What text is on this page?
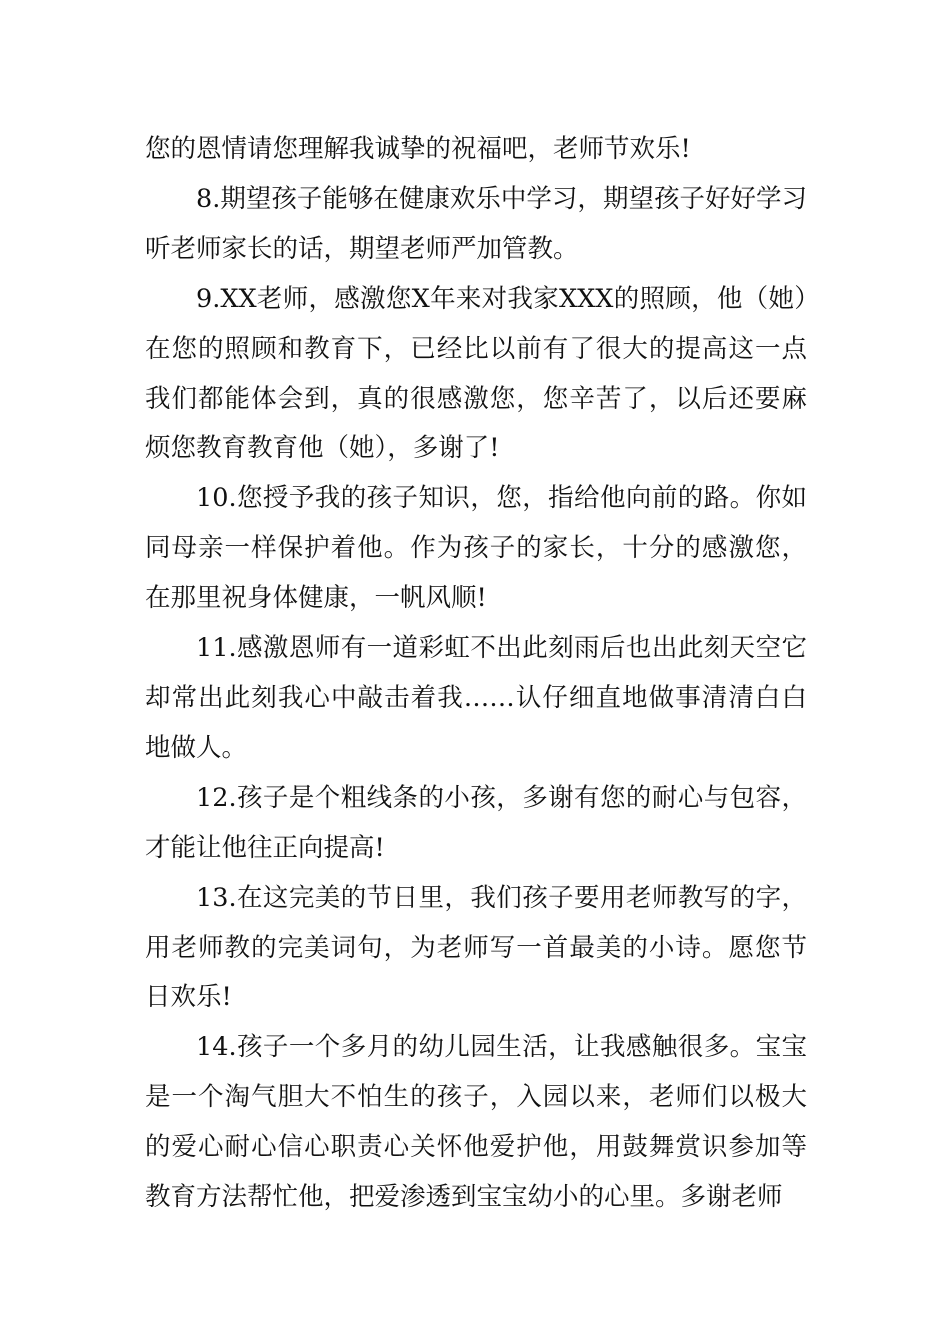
您的恩情请您理解我诚挚的祝福吧，老师节欢乐!

8.期望孩子能够在健康欢乐中学习，期望孩子好好学习听老师家长的话，期望老师严加管教。

9.XX老师，感激您X年来对我家XXX的照顾，他（她）在您的照顾和教育下，已经比以前有了很大的提高这一点我们都能体会到，真的很感激您，您辛苦了，以后还要麻烦您教育教育他（她），多谢了!

10.您授予我的孩子知识，您，指给他向前的路。你如同母亲一样保护着他。作为孩子的家长，十分的感激您，在那里祝身体健康，一帆风顺!

11.感激恩师有一道彩虹不出此刻雨后也出此刻天空它却常出此刻我心中敲击着我……认仔细直地做事清清白白地做人。

12.孩子是个粗线条的小孩，多谢有您的耐心与包容，才能让他往正向提高!

13.在这完美的节日里，我们孩子要用老师教写的字，用老师教的完美词句，为老师写一首最美的小诗。愿您节日欢乐!

14.孩子一个多月的幼儿园生活，让我感触很多。宝宝是一个淘气胆大不怕生的孩子，入园以来，老师们以极大的爱心耐心信心职责心关怀他爱护他，用鼓舞赏识参加等教育方法帮忙他，把爱渗透到宝宝幼小的心里。多谢老师
